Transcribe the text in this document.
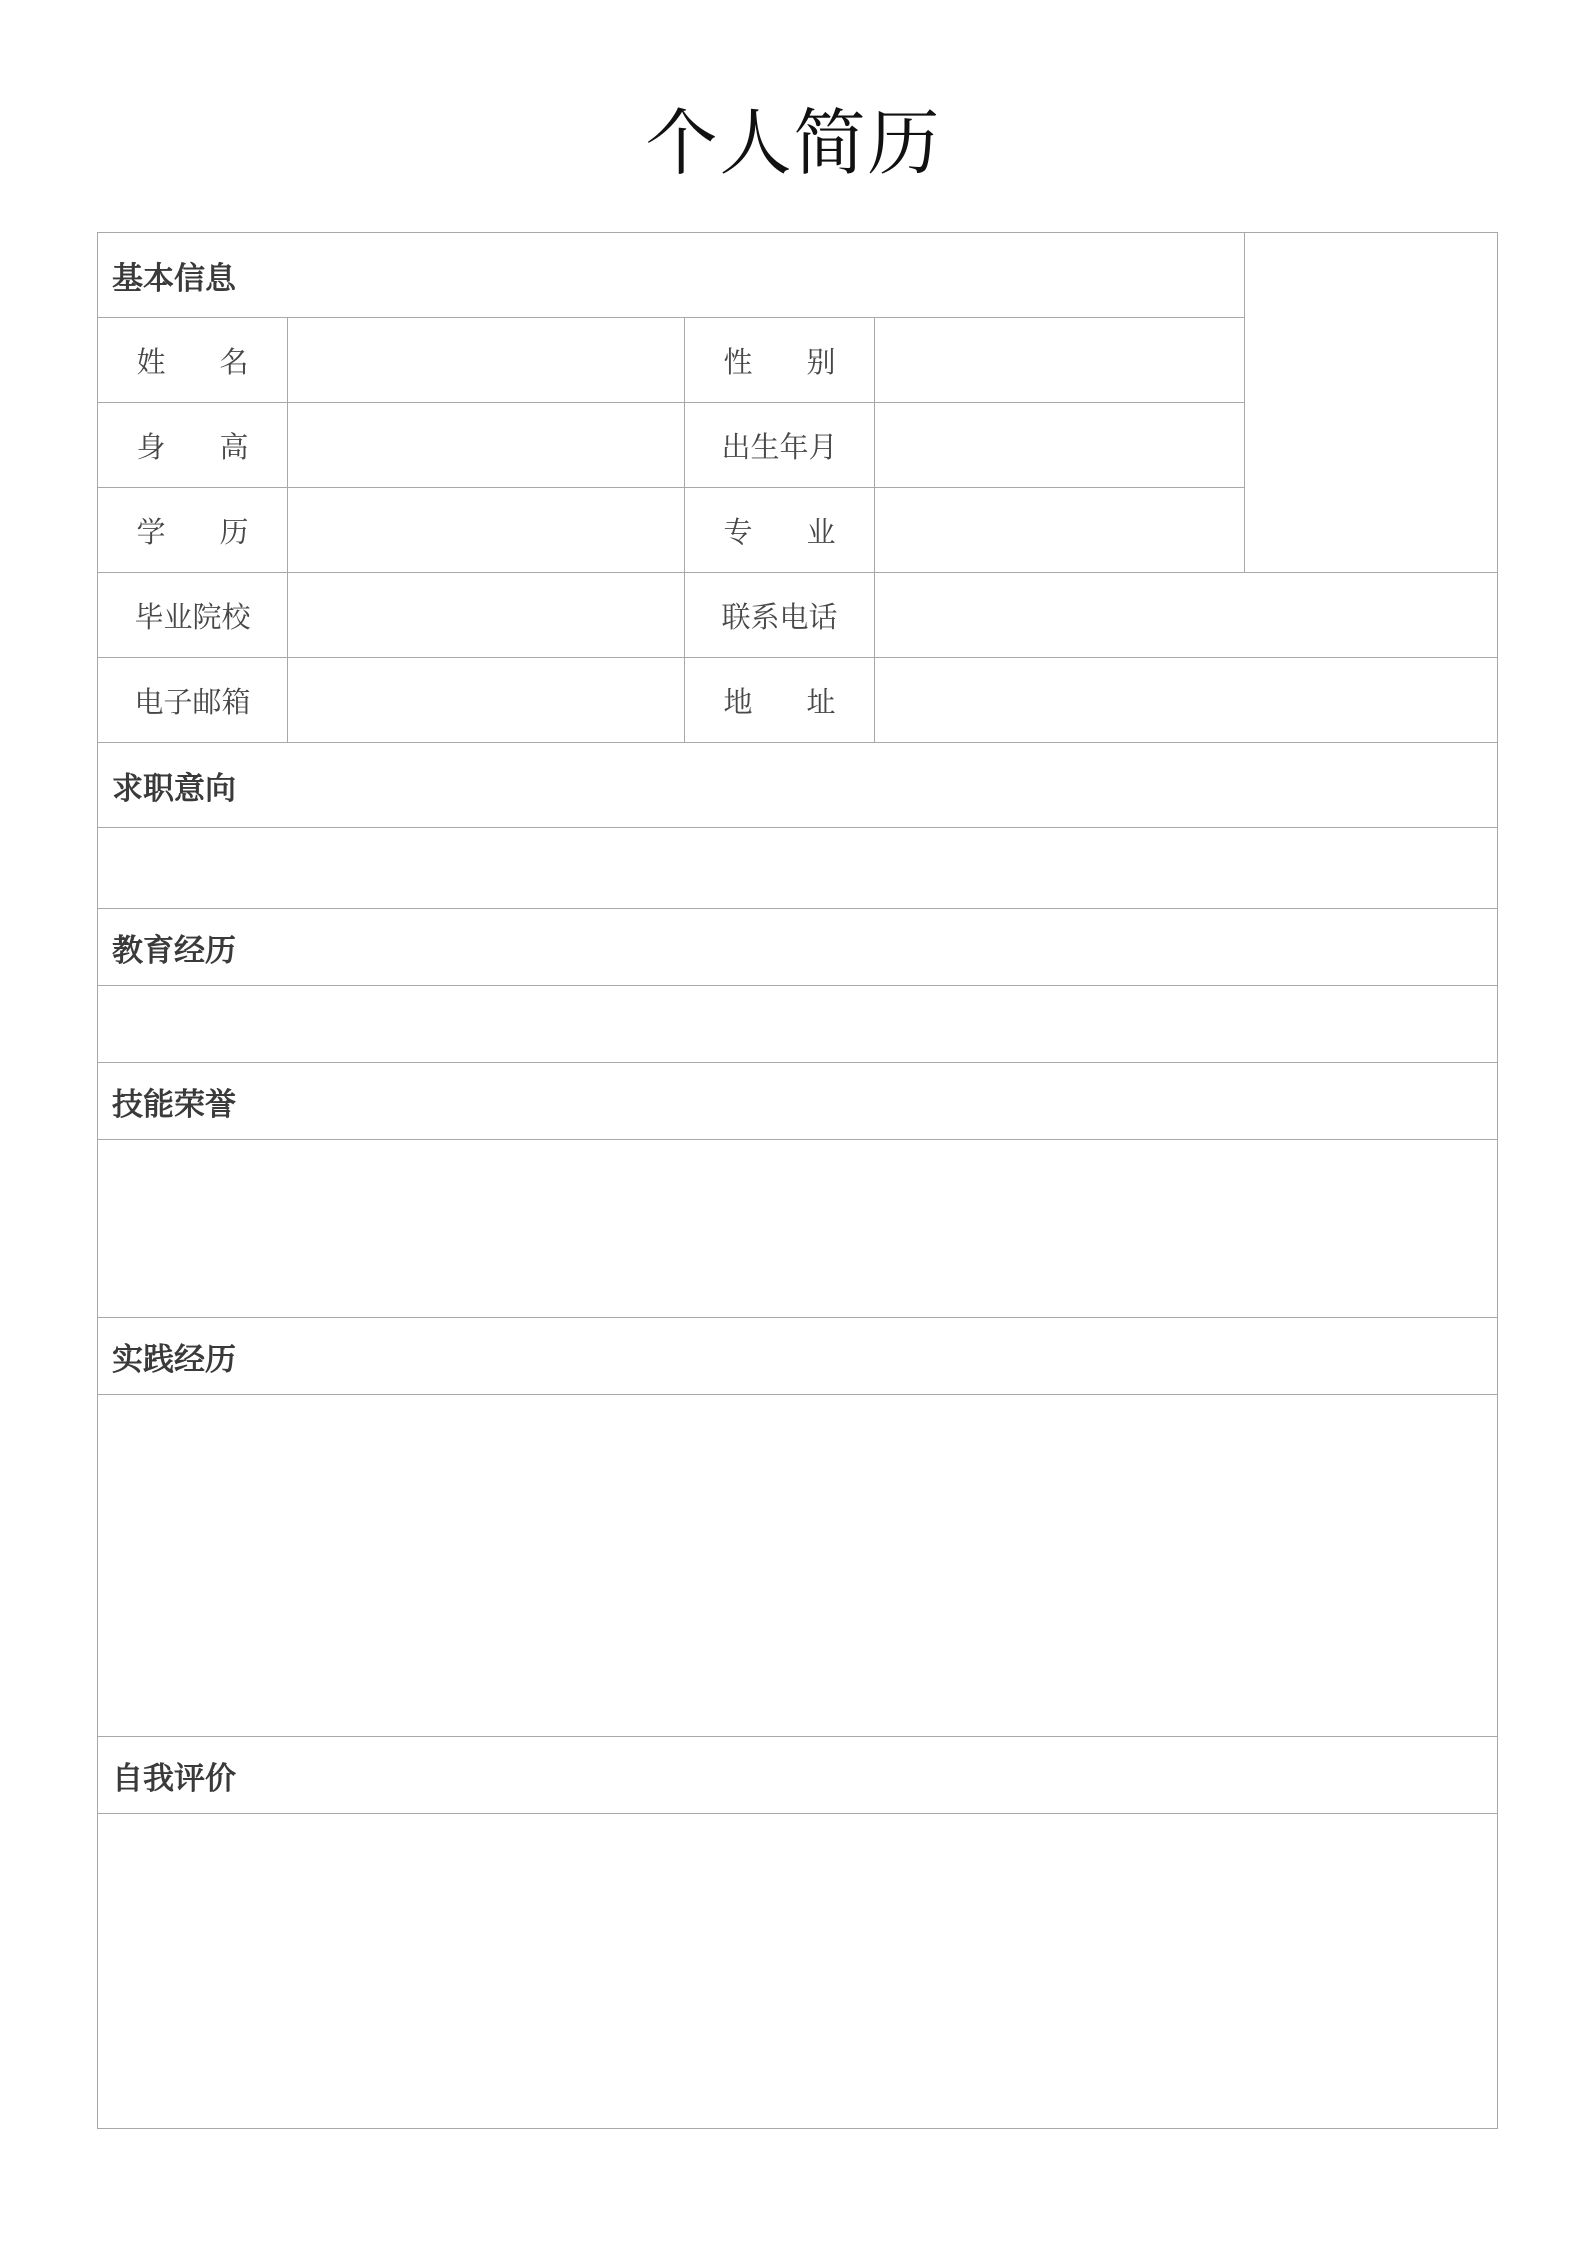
个人简历
基本信息				

姓 名		性 别		

身 高		出生年月		

学 历		专 业		

毕业院校		联系电话		
电子邮箱		地 址		

求职意向				

教育经历				

技能荣誉				

实践经历				

自我评价				
